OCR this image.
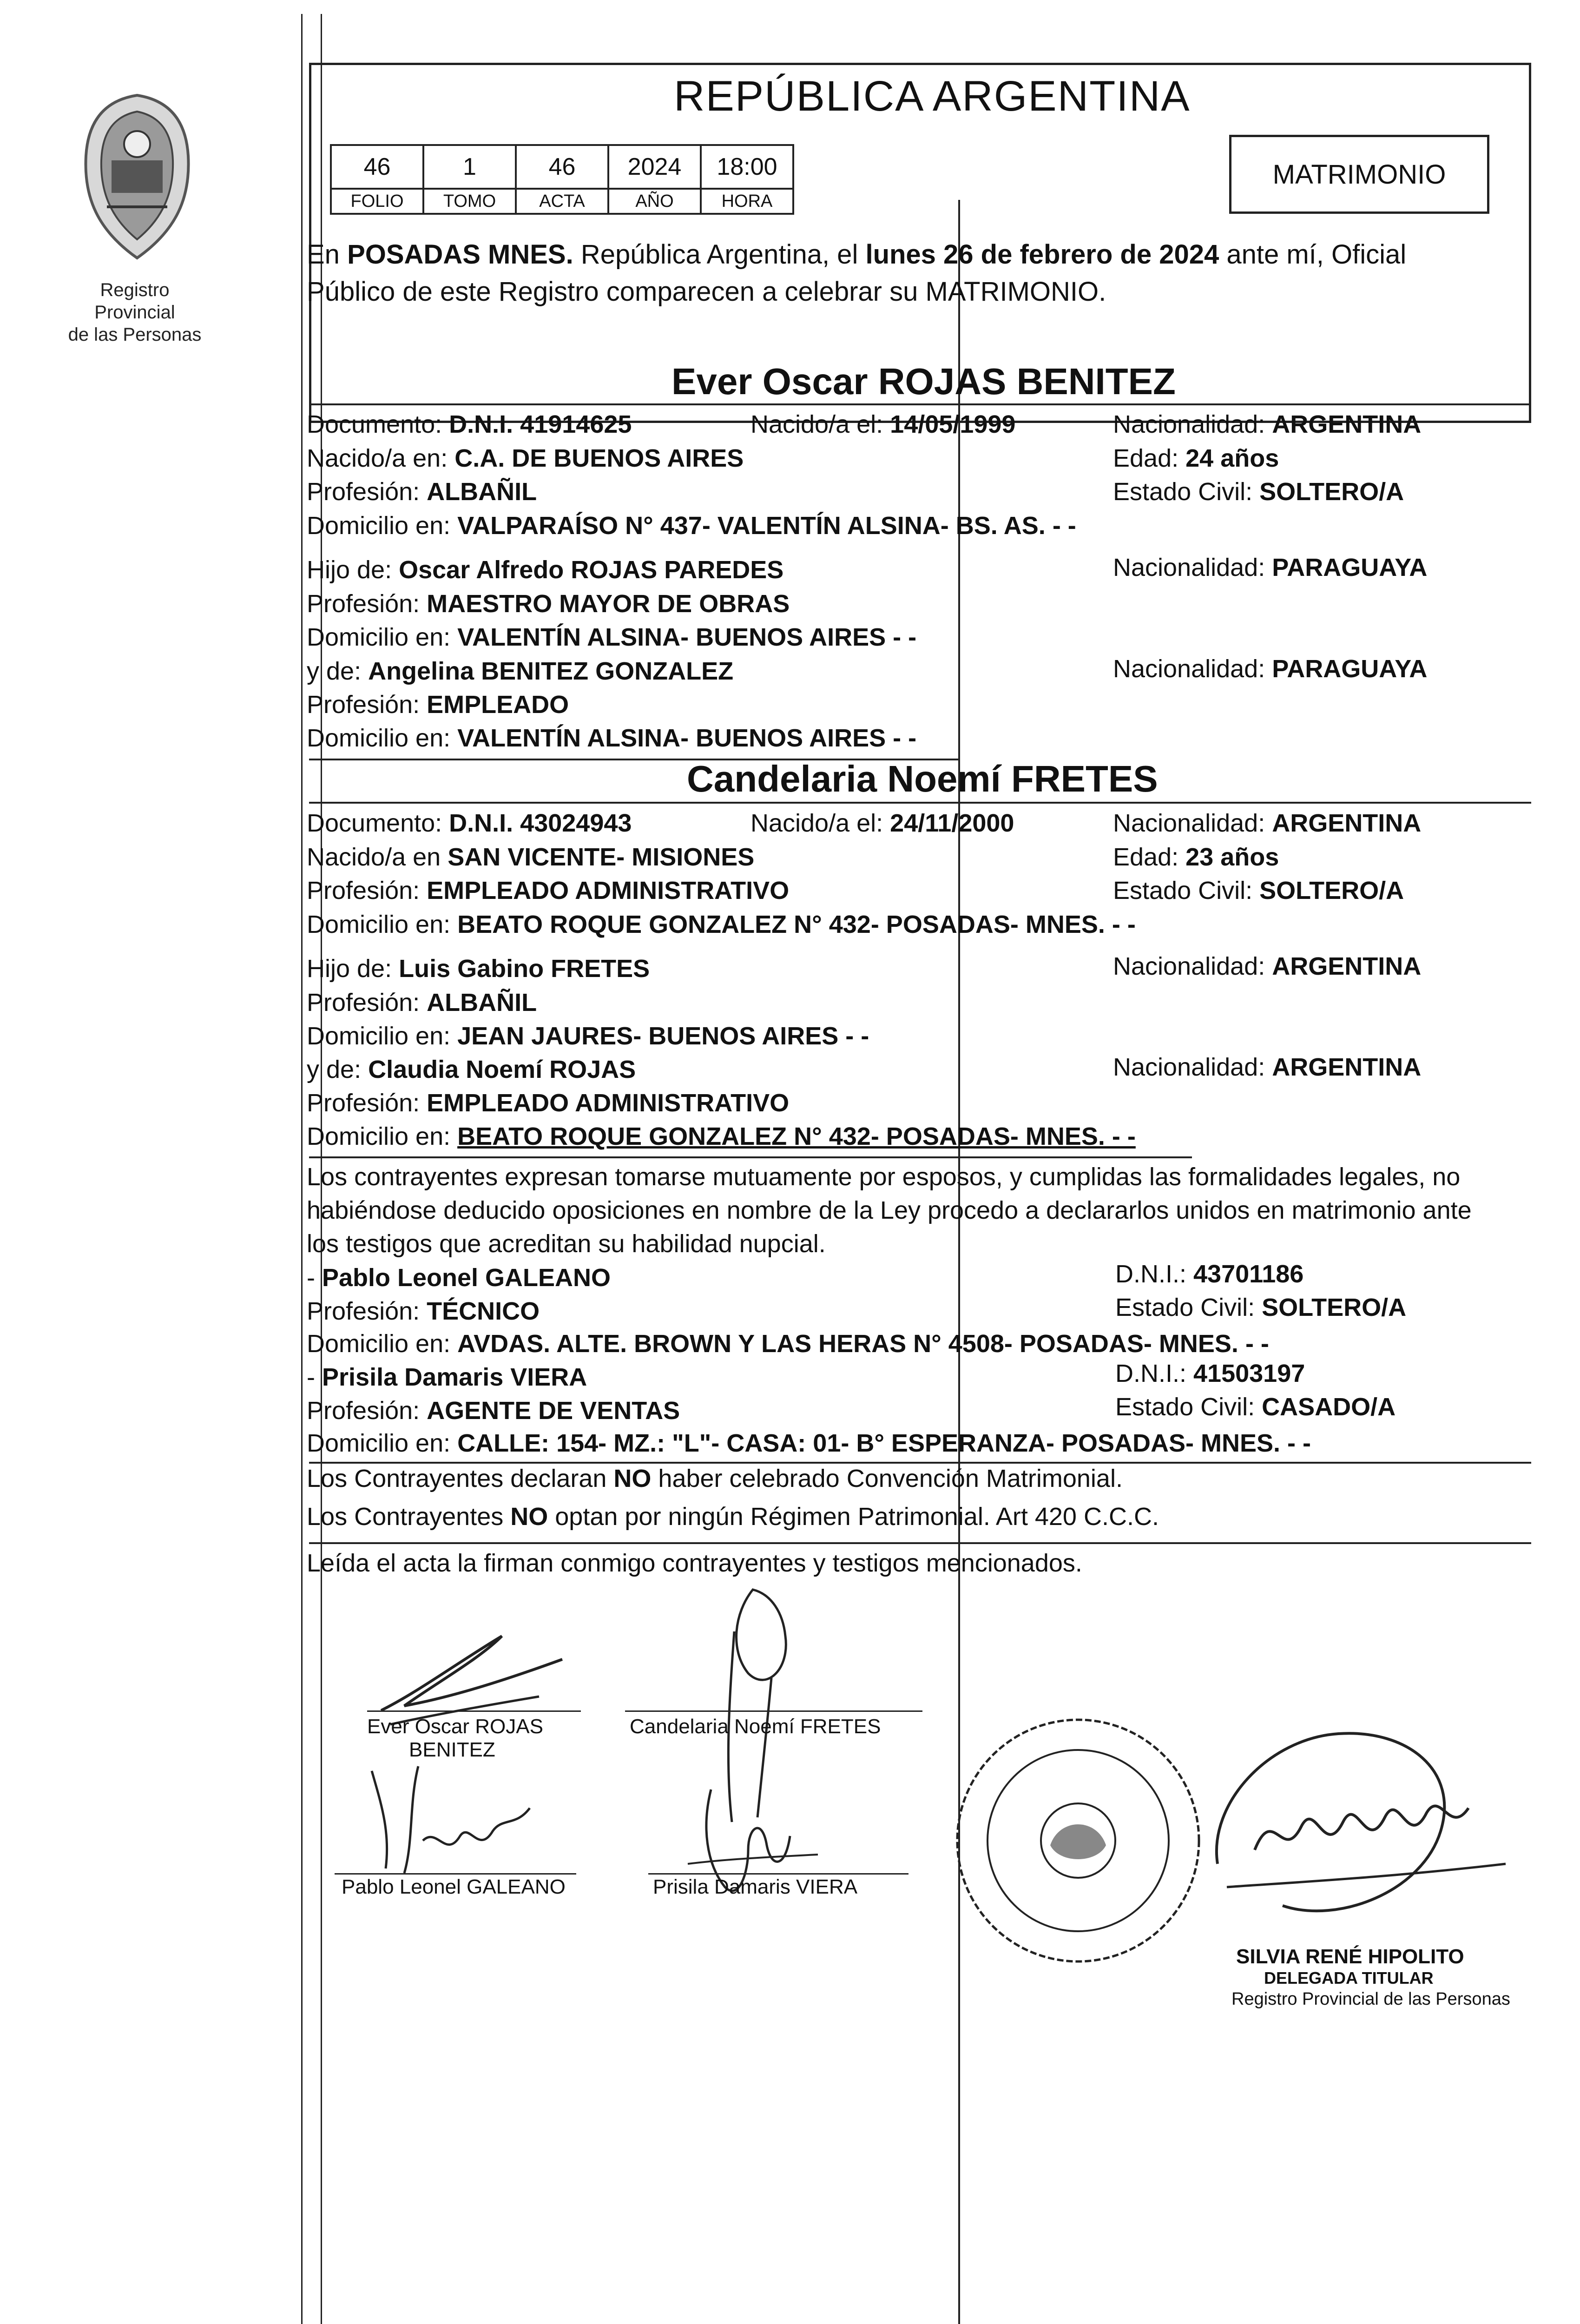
Registro Provincial
de las Personas
REPÚBLICA ARGENTINA
46	1	46	2024	18:00
FOLIO	TOMO	ACTA	AÑO	HORA
MATRIMONIO
En POSADAS MNES. República Argentina, el lunes 26 de febrero de 2024 ante mí, Oficial
Público de este Registro comparecen a celebrar su MATRIMONIO.
Ever Oscar ROJAS BENITEZ
Documento: D.N.I. 41914625	Nacido/a el: 14/05/1999	Nacionalidad: ARGENTINA
Nacido/a en: C.A. DE BUENOS AIRES	Edad: 24 años
Profesión: ALBAÑIL	Estado Civil: SOLTERO/A
Domicilio en: VALPARAÍSO N° 437- VALENTÍN ALSINA- BS. AS. - -
Hijo de: Oscar Alfredo ROJAS PAREDES	Nacionalidad: PARAGUAYA
Profesión: MAESTRO MAYOR DE OBRAS
Domicilio en: VALENTÍN ALSINA- BUENOS AIRES - -
y de: Angelina BENITEZ GONZALEZ	Nacionalidad: PARAGUAYA
Profesión: EMPLEADO
Domicilio en: VALENTÍN ALSINA- BUENOS AIRES - -
Candelaria Noemí FRETES
Documento: D.N.I. 43024943	Nacido/a el: 24/11/2000	Nacionalidad: ARGENTINA
Nacido/a en SAN VICENTE- MISIONES	Edad: 23 años
Profesión: EMPLEADO ADMINISTRATIVO	Estado Civil: SOLTERO/A
Domicilio en: BEATO ROQUE GONZALEZ N° 432- POSADAS- MNES. - -
Hijo de: Luis Gabino FRETES	Nacionalidad: ARGENTINA
Profesión: ALBAÑIL
Domicilio en: JEAN JAURES- BUENOS AIRES - -
y de: Claudia Noemí ROJAS	Nacionalidad: ARGENTINA
Profesión: EMPLEADO ADMINISTRATIVO
Domicilio en: BEATO ROQUE GONZALEZ N° 432- POSADAS- MNES. - -
Los contrayentes expresan tomarse mutuamente por esposos, y cumplidas las formalidades legales, no
habiéndose deducido oposiciones en nombre de la Ley procedo a declararlos unidos en matrimonio ante
los testigos que acreditan su habilidad nupcial.
- Pablo Leonel GALEANO	D.N.I.: 43701186
Profesión: TÉCNICO	Estado Civil: SOLTERO/A
Domicilio en: AVDAS. ALTE. BROWN Y LAS HERAS N° 4508- POSADAS- MNES. - -
- Prisila Damaris VIERA	D.N.I.: 41503197
Profesión: AGENTE DE VENTAS	Estado Civil: CASADO/A
Domicilio en: CALLE: 154- MZ.: "L"- CASA: 01- B° ESPERANZA- POSADAS- MNES. - -
Los Contrayentes declaran NO haber celebrado Convención Matrimonial.
Los Contrayentes NO optan por ningún Régimen Patrimonial. Art 420 C.C.C.
Leída el acta la firman conmigo contrayentes y testigos mencionados.
Ever Oscar ROJAS
BENITEZ
Candelaria Noemí FRETES
Pablo Leonel GALEANO	Prisila Damaris VIERA
SILVIA RENÉ HIPOLITO
DELEGADA TITULAR
Registro Provincial de las Personas
